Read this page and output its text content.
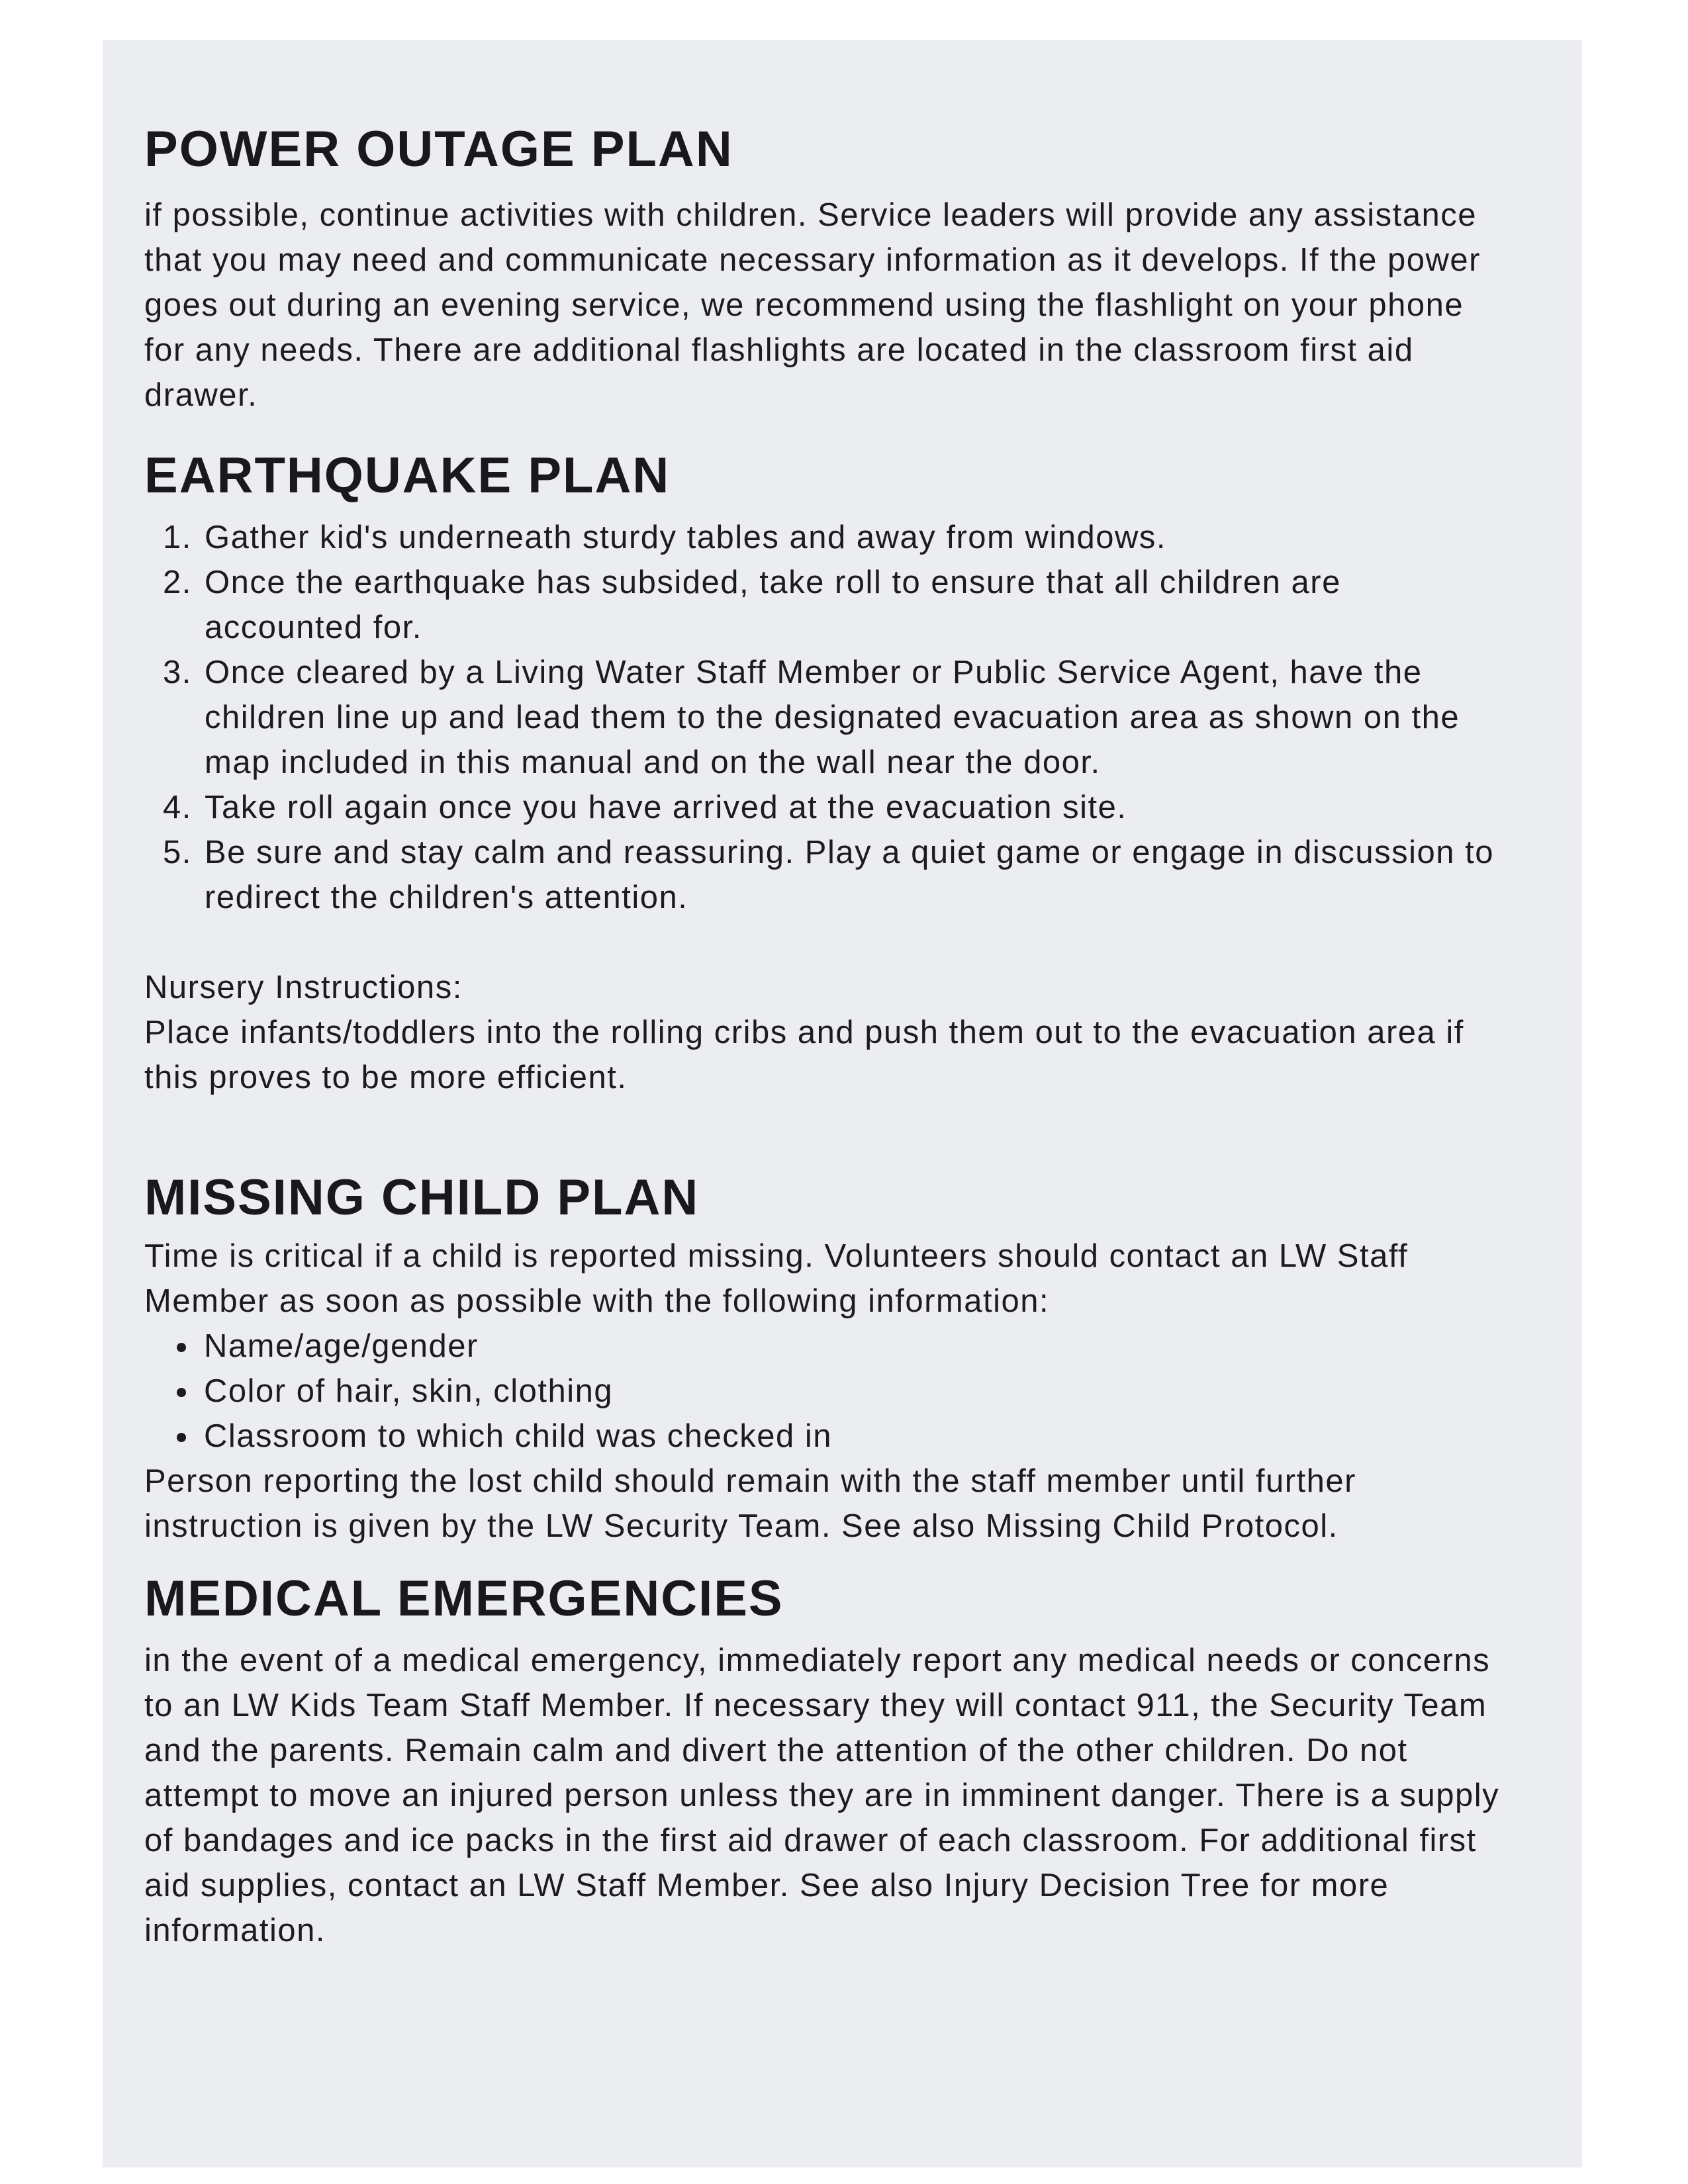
POWER OUTAGE PLAN

if possible, continue activities with children. Service leaders will provide any assistance that you may need and communicate necessary information as it develops. If the power goes out during an evening service, we recommend using the flashlight on your phone for any needs. There are additional flashlights are located in the classroom first aid drawer.

EARTHQUAKE PLAN
1. Gather kid's underneath sturdy tables and away from windows.
2. Once the earthquake has subsided, take roll to ensure that all children are accounted for.
3. Once cleared by a Living Water Staff Member or Public Service Agent, have the children line up and lead them to the designated evacuation area as shown on the map included in this manual and on the wall near the door.
4. Take roll again once you have arrived at the evacuation site.
5. Be sure and stay calm and reassuring. Play a quiet game or engage in discussion to redirect the children's attention.

Nursery Instructions:

Place infants/toddlers into the rolling cribs and push them out to the evacuation area if this proves to be more efficient.

MISSING CHILD PLAN

Time is critical if a child is reported missing. Volunteers should contact an LW Staff Member as soon as possible with the following information:

• Name/age/gender
• Color of hair, skin, clothing
• Classroom to which child was checked in

Person reporting the lost child should remain with the staff member until further instruction is given by the LW Security Team. See also Missing Child Protocol.

MEDICAL EMERGENCIES

in the event of a medical emergency, immediately report any medical needs or concerns to an LW Kids Team Staff Member. If necessary they will contact 911, the Security Team and the parents. Remain calm and divert the attention of the other children. Do not attempt to move an injured person unless they are in imminent danger. There is a supply of bandages and ice packs in the first aid drawer of each classroom. For additional first aid supplies, contact an LW Staff Member. See also Injury Decision Tree for more information.
